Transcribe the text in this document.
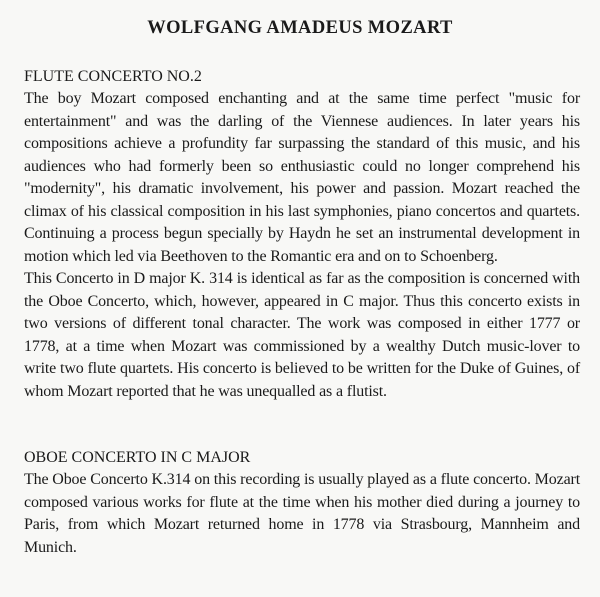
WOLFGANG AMADEUS MOZART
FLUTE CONCERTO NO.2

The boy Mozart composed enchanting and at the same time perfect "music for entertainment" and was the darling of the Viennese audiences. In later years his compositions achieve a profundity far surpassing the standard of this music, and his audiences who had formerly been so enthusiastic could no longer comprehend his "modernity", his dramatic involvement, his power and passion. Mozart reached the climax of his classical composition in his last symphonies, piano concertos and quartets. Continuing a process begun specially by Haydn he set an instrumental development in motion which led via Beethoven to the Romantic era and on to Schoenberg.

This Concerto in D major K. 314 is identical as far as the composition is concerned with the Oboe Concerto, which, however, appeared in C major. Thus this concerto exists in two versions of different tonal character. The work was composed in either 1777 or 1778, at a time when Mozart was commissioned by a wealthy Dutch music-lover to write two flute quartets. His concerto is believed to be written for the Duke of Guines, of whom Mozart reported that he was unequalled as a flutist.

OBOE CONCERTO IN C MAJOR

The Oboe Concerto K.314 on this recording is usually played as a flute concerto. Mozart composed various works for flute at the time when his mother died during a journey to Paris, from which Mozart returned home in 1778 via Strasbourg, Mannheim and Munich.
